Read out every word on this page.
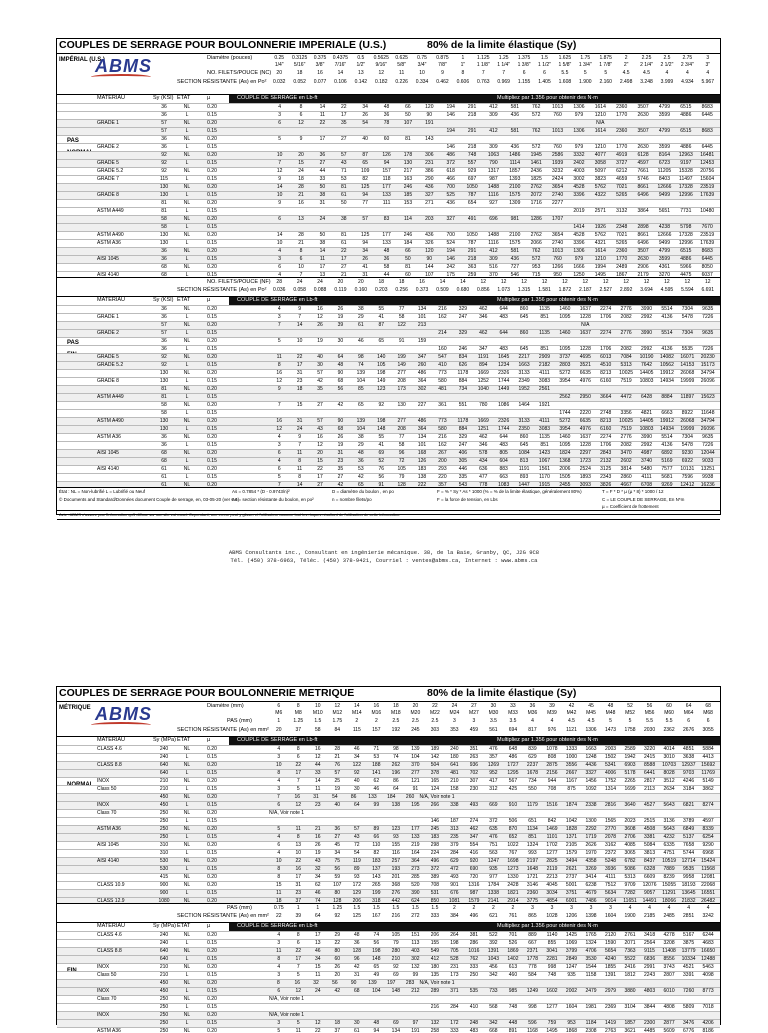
COUPLES DE SERRAGE POUR BOULONNERIE IMPERIALE (U.S.)	80% de la limite élastique (Sy)
IMPÉRIAL (U.S.)
ABMS	Diamètre (pouces)	0.25	0.3125	0.375	0.4375	0.5	0.5625	0.625	0.75	0.875	1	1.125	1.25	1.375	1.5	1.625	1.75	1.875	2	2.25	2.5	2.75	3
1/4"	5/16"	3/8"	7/16"	1/2"	9/16"	5/8"	3/4"	7/8"	1"	1 1/8"	1 1/4"	1 3/8"	1 1/2"	1 5/8"	1 3/4"	1 7/8"	2"	2 1/4"	2 1/2"	2 3/4"	3"
NO. FILETS/POUCE (NC)	20	18	16	14	13	12	11	10	9	8	7	7	6	6	5.5	5	5	4.5	4.5	4	4	4
SECTION RÉSISTANTE (As) en Po²	0.032	0.052	0.077	0.106	0.142	0.182	0.226	0.334	0.462	0.606	0.763	0.969	1.155	1.405	1.608	1.900	2.160	2.498	3.248	3.999	4.934	5.967
MATÉRIAU	Sy (KSI) ÉTAT	µ	COUPLE DE SERRAGE en Lb-ft	Multipliez par 1.356 pour obtenir des N·m
PAS
36	NL	0.20	4	8	14	22	34	48	66	120	194	291	412	581	762	1013	1306	1614	2360	3507	4799	6515	8683
36	L	0.15	3	6	11	17	26	36	50	90	146	218	309	436	572	760	979	1210	1770	2630	3599	4886	6445
GRADE 1	57	NL	0.20	6	12	22	35	54	78	107	191	N/A
57	L	0.15	194	291	412	581	762	1013	1306	1614	2360	3507	4799	6515	8683
36	NL	0.20	5	9	17	27	40	60	81	143
GRADE 2	36	L	0.15	146	218	309	436	572	760	979	1210	1770	2630	3599	4886	6445
92	NL	0.20	10	20	36	57	87	126	178	306	486	748	1063	1486	1945	2586	3332	4077	4919	6128	8164	12963	16481
GRADE 5	92	L	0.15	7	15	27	43	65	94	130	231	372	557	790	1114	1461	1939	2402	3058	3727	4597	6723	9197	12453
GRADE 5.2	92	NL	0.20	12	24	44	71	109	157	217	386	618	929	1317	1857	2436	3232	4003	5097	6212	7661	11205	15328	20756
GRADE 7	115	L	0.15	9	18	33	53	82	118	163	290	466	697	987	1393	1825	2424	3002	3823	4659	5746	8403	11497	15604
130	NL	0.20	14	28	50	81	125	177	246	436	700	1050	1488	2100	2762	3654	4528	5762	7021	8661	12666	17328	23519
GRADE 8	130	L	0.15	10	21	38	61	94	133	185	327	525	787	1116	1575	2072	2740	3396	4322	5265	6496	9499	12996	17639
81	NL	0.20	9	16	31	50	77	111	153	271	436	654	927	1309	1716	2277
ASTM A449	81	L	0.15	2019	2571	3132	3864	5651	7731	10480
58	NL	0.20	6	13	24	38	57	83	114	203	327	491	696	981	1286	1707
58	L	0.15	1414	1926	2348	2898	4238	5798	7670
ASTM A490	130	NL	0.20	14	28	50	81	125	177	246	436	700	1050	1488	2100	2762	3654	4528	5762	7021	8661	12666	17328	23519
ASTM A36	130	L	0.15	10	21	38	61	94	133	184	326	524	787	1116	1575	2066	2740	3396	4321	5265	6496	9499	12996	17639
36	NL	0.20	4	8	14	22	34	48	66	120	194	291	412	581	762	1013	1306	1614	2360	3507	4799	6515	8683
AISI 1045	36	L	0.15	3	6	11	17	26	36	50	90	146	218	309	436	572	760	979	1210	1770	2630	3599	4886	6445
68	NL	0.20	6	10	17	27	41	58	81	144	242	363	516	727	953	1266	1666	1994	2489	2906	4361	5966	8050
AISI 4140	68	L	0.15	4	7	13	21	31	44	60	107	175	259	370	546	715	950	1250	1495	1867	2179	3270	4475	6037
NO. FILETS/POUCE (NF)	28	24	24	20	20	18	18	16	14	14	12	12	12	12	12	12	12	12	12	12	12	12
SECTION RÉSISTANTE (As) en Po²	0.036	0.058	0.088	0.119	0.160	0.203	0.256	0.373	0.509	0.680	0.856	1.073	1.315	1.581	1.872	2.187	2.527	2.892	3.694	4.595	5.594	6.691
MATÉRIAU	Sy (KSI) ÉTAT	µ	COUPLE DE SERRAGE en Lb-ft	Multipliez par 1.356 pour obtenir des N·m
PAS
36	NL	0.20	4	9	16	26	38	55	77	134	216	329	462	644	860	1135	1460	1637	2274	2776	3990	5514	7304	9635
GRADE 1	36	L	0.15	3	7	12	19	29	41	58	101	162	247	346	483	645	851	1095	1228	1706	2082	2992	4136	5478	7226
57	NL	0.20	7	14	26	39	61	87	122	213	N/A
GRADE 2	57	L	0.15	214	329	462	644	860	1135	1460	1637	2274	2776	3990	5514	7304	9635
36	NL	0.20	5	10	19	30	46	65	91	159
36	L	0.15	160	246	347	483	645	851	1095	1228	1706	2082	2992	4136	5535	7226
GRADE 5	92	NL	0.20	11	22	40	64	98	140	199	347	547	834	1191	1645	2217	2909	3737	4695	6013	7084	10190	14082	16071	20230
GRADE 5.2	92	L	0.15	8	17	30	48	74	105	149	260	410	626	894	1234	1663	2182	2803	3521	4510	5313	7642	10562	14153	15173
130	NL	0.20	16	31	57	90	139	198	277	486	773	1178	1669	2326	3133	4111	5272	6635	8213	10025	14405	19912	26068	34794
GRADE 8	130	L	0.15	12	23	42	68	104	149	208	364	580	884	1252	1744	2349	3083	3954	4976	6160	7519	10803	14934	19999	26096
81	NL	0.20	9	18	35	56	85	123	173	302	481	734	1040	1449	1952	2561
ASTM A449	81	L	0.15	2562	2950	3664	4472	6428	8884	11897	15623
58	NL	0.20	7	15	27	42	65	92	130	227	361	551	780	1086	1464	1921
58	L	0.15	1744	2220	2748	3356	4821	6663	8922	11648
ASTM A490	130	NL	0.20	16	31	57	90	139	198	277	486	773	1178	1669	2326	3133	4111	5272	6635	8213	10025	14405	19912	26068	34794
130	L	0.15	12	24	43	68	104	148	208	364	580	884	1251	1744	2350	3083	3954	4976	6160	7519	10803	14934	19999	26096
ASTM A36	36	NL	0.20	4	9	16	26	38	55	77	134	216	329	462	644	860	1135	1460	1637	2274	2776	3990	5514	7304	9635
36	L	0.15	3	7	12	19	29	41	58	101	162	247	346	483	645	851	1095	1228	1706	2082	2992	4136	5478	7226
AISI 1045	68	NL	0.20	6	11	20	31	48	69	96	168	267	406	578	805	1084	1423	1824	2297	2843	3470	4987	6892	9230	12044
68	L	0.15	4	8	15	23	36	52	72	126	200	305	434	604	813	1067	1368	1723	2132	2602	3740	5169	6922	9033
AISI 4140	61	NL	0.20	6	11	22	35	53	76	105	183	293	446	636	883	1191	1561	2006	2524	3125	3814	5480	7577	10131	13251
61	L	0.15	5	8	17	27	42	56	79	138	220	335	477	663	893	1170	1505	1893	2343	2860	4111	5681	7596	9938
61	NL	0.20	7	14	27	42	65	91	128	222	357	543	778	1083	1447	1915	2455	3093	3826	4667	6708	9269	12412	16236
État : NL = Non-lubrifié L = Lubrifié ou Neuf
© Documents and Standard/Données document Couple de serrage, en, 03-05-20 (ver 6.6)
As = 0.7854 * (D - 0.9743/n)²
As = section résistante du boulon, en po²
D = diamètre du boulon , en po
n = nombre filets/po
F = % * Sy * As * 1000 (% = % de la limite élastique, généralement 80%)
F = la force de tension, en Lbs
T = F * D * µ (µ * 8) * 1000 / 12
C = LE COUPLE DE SERRAGE, En N*m
µ = Coefficient de frottement
Avis : ABMS n'assure pas l'information qu'il diffuse sur son site est exact. Cependant, une erreur peut y glisser et l'utilisateur assume tout les risques résultant de l'utilisation de cette information.
ABMS Consultants inc., Consultant en ingénierie mécanique. 38, de la Baie, Granby, QC, J2G 9C8
Tél. (450) 378-6963, Téléc. (450) 378-9421, Courriel : ventes@abms.ca, Internet : www.abms.ca
COUPLES DE SERRAGE POUR BOULONNERIE METRIQUE	80% de la limite élastique (Sy)
MÉTRIQUE ABMS	Diamètre (mm)	6	8	10	12	14	16	18	20	22	24	27	30	33	36	39	42	45	48	52	56	60	64	68
M6	M8	M10	M12	M14	M16	M18	M20	M22	M24	M27	M30	M33	M36	M39	M42	M45	M48	M52	M56	M60	M64	M68
PAS (mm)	1	1.25	1.5	1.75	2	2	2.5	2.5	2.5	3	3	3.5	3.5	4	4	4.5	4.5	5	5	5.5	5.5	6	6
SECTION RÉSISTANTE (As) en mm²	20	37	58	84	115	157	192	245	303	353	459	561	694	817	976	1121	1306	1473	1758	2030	2362	2676	3055
MATÉRIAU	Sy (MPa) ÉTAT	µ	COUPLE DE SERRAGE en Lb-ft	Multipliez par 1.356 pour obtenir des N·m
NORMAL
CLASS 4.6	240	NL	0.20	4	8	16	28	46	71	98	139	189	240	351	476	648	839	1078	1333	1663	2003	2589	3220	4014	4851	5884
240	L	0.15	3	6	12	21	34	53	74	104	142	180	263	357	486	629	808	1000	1248	1502	1942	2415	3010	3638	4413
CLASS 8.8	640	NL	0.20	10	22	44	76	122	188	262	370	504	641	936	1269	1727	2237	2875	3556	4436	5341	6903	8588	10703	12937	15692
640	L	0.15	8	17	33	57	92	141	196	277	378	481	702	952	1295	1678	2156	2667	3327	4006	5178	6441	8028	9703	11769
INOX	210	NL	0.20	4	7	14	25	40	62	86	121	165	210	307	417	567	734	944	1167	1456	1752	2265	2817	3512	4246	5149
Class 50	210	L	0.15	3	5	11	19	30	46	64	91	124	158	230	312	425	550	708	875	1092	1314	1699	2113	2634	3184	3862
450	NL	0.20	7	16	31	54	86	133	184	260	N/A, Voir note 1
INOX	450	L	0.15	6	12	23	40	64	99	138	195	266	338	493	669	910	1179	1516	1874	2338	2816	3640	4527	5643	6821	8274
Class 70	250	NL	0.20	N/A, Voir note 1
250	L	0.15	146	187	274	372	506	651	842	1042	1300	1565	2023	2515	3136	3789	4597
ASTM A36	250	NL	0.20	5	11	21	36	57	89	123	177	245	313	462	635	870	1134	1469	1828	2292	2770	3608	4508	5643	6849	8339
250	L	0.15	4	8	16	27	43	66	93	133	183	235	347	476	652	851	1101	1371	1719	2078	2706	3381	4232	5137	6254
AISI 1045	310	NL	0.20	6	13	26	45	72	110	155	219	298	379	554	751	1022	1324	1702	2105	2626	3162	4085	5084	6335	7658	9290
310	L	0.15	4	10	19	34	54	82	116	164	224	284	416	563	767	993	1277	1579	1970	2372	3065	3813	4751	5744	6968
AISI 4140	530	NL	0.20	10	22	43	75	119	183	257	364	496	629	920	1247	1698	2197	2825	3494	4358	5248	6782	8437	10519	12714	15424
530	L	0.15	8	16	32	56	89	137	193	273	372	472	690	935	1273	1648	2119	2621	3269	3936	5086	6328	7889	9535	11568
415	NL	0.20	8	17	34	59	93	143	201	285	389	493	720	977	1330	1721	2213	2737	3414	4111	5313	6609	8239	9958	12081
CLASS 10.9	900	NL	0.20	15	31	62	107	172	265	368	520	708	901	1316	1784	2428	3146	4045	5001	6238	7512	9709	12076	15055	18193	22068
900	L	0.15	11	23	46	80	129	199	276	390	531	676	987	1338	1821	2360	3034	3751	4679	5634	7282	9057	11291	13645	16551
CLASS 12.9	1080	NL	0.20	18	37	74	128	206	318	442	624	850	1081	1579	2141	2914	3775	4854	6001	7486	9014	11651	14491	18066	21832	26482
PAS (mm)	0.75	1	1	1.25	1.5	1.5	1.5	1.5	1.5	2	2	2	2	3	3	3	3	3	4	4	4	4	4
SECTION RÉSISTANTE (As) en mm²	22	39	64	92	125	167	216	272	333	384	496	621	761	865	1028	1206	1398	1604	1900	2185	2485	2851	3242
MATÉRIAU	Sy (MPa) ÉTAT	µ	COUPLE DE SERRAGE en Lb-ft	Multipliez par 1.356 pour obtenir des N·m
FIN
CLASS 4.6	240	NL	0.20	4	8	17	29	48	74	105	151	206	264	381	522	701	889	1140	1425	1765	2120	2761	3418	4278	5167	6244
240	L	0.15	3	6	13	22	36	56	79	113	155	198	286	392	526	667	855	1069	1324	1590	2071	2564	3208	3875	4683
CLASS 8.8	640	NL	0.20	11	22	46	80	128	198	280	403	549	705	1016	1391	1869	2371	3041	3799	4706	5654	7363	9115	11408	13779	16650
640	L	0.15	8	17	34	60	96	148	210	302	412	528	762	1043	1402	1778	2281	2849	3530	4240	5522	6836	8556	10334	12488
INOX	210	NL	0.20	4	7	15	26	42	65	92	132	180	231	333	456	613	778	998	1247	1544	1855	2416	2991	3743	4521	5463
Class 50	210	L	0.15	3	5	11	20	31	49	69	99	135	173	250	342	460	584	748	935	1158	1391	1812	2243	2807	3391	4098
450	NL	0.20	8	16	32	56	90	139	197	283	N/A, Voir note 1
INOX	450	L	0.15	6	12	24	42	68	104	148	212	289	371	535	733	985	1249	1602	2002	2479	2979	3880	4803	6010	7260	8773
Class 70	250	NL	0.20	N/A, Voir note 1
250	L	0.15	216	284	410	568	748	998	1277	1604	1981	2369	3104	3844	4808	5809	7018
INOX	250	NL	0.20	N/A, Voir note 1
250	L	0.15	3	5	12	18	30	48	69	97	132	172	248	342	448	596	759	953	1184	1419	1857	2300	2877	3476	4206
ASTM A36	250	NL	0.20	5	11	22	37	61	94	134	191	258	333	483	668	891	1168	1495	1868	2308	2763	3621	4485	5609	6776	8186
